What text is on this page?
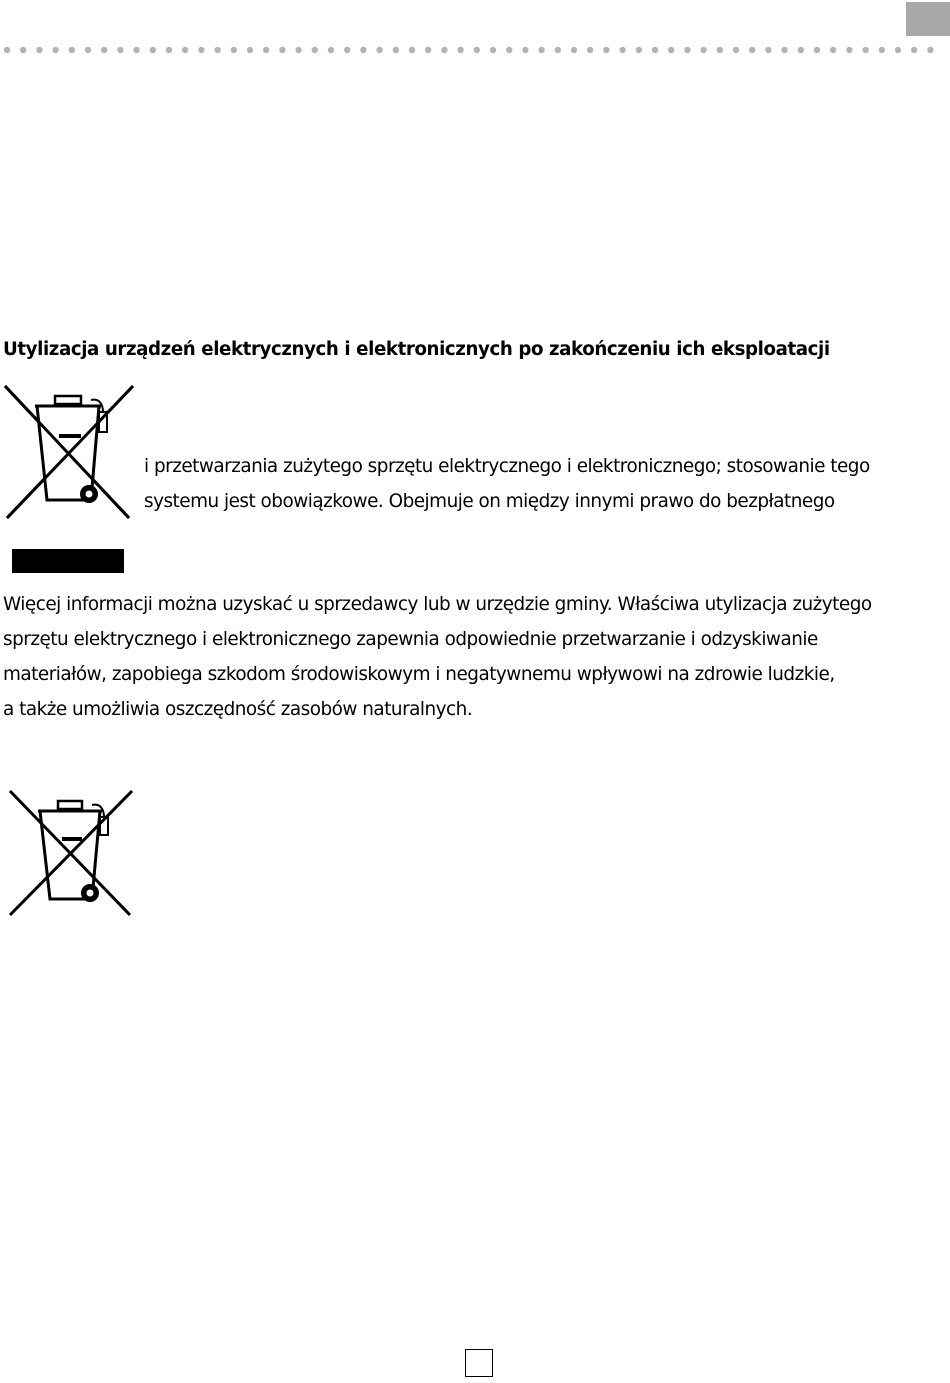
Utylizacja urządzeń elektrycznych i elektronicznych po zakończeniu ich eksploatacji
i przetwarzania zużytego sprzętu elektrycznego i elektronicznego; stosowanie tego
systemu jest obowiązkowe. Obejmuje on między innymi prawo do bezpłatnego
Więcej informacji można uzyskać u sprzedawcy lub w urzędzie gminy. Właściwa utylizacja zużytego
sprzętu elektrycznego i elektronicznego zapewnia odpowiednie przetwarzanie i odzyskiwanie
materiałów, zapobiega szkodom środowiskowym i negatywnemu wpływowi na zdrowie ludzkie,
a także umożliwia oszczędność zasobów naturalnych.
